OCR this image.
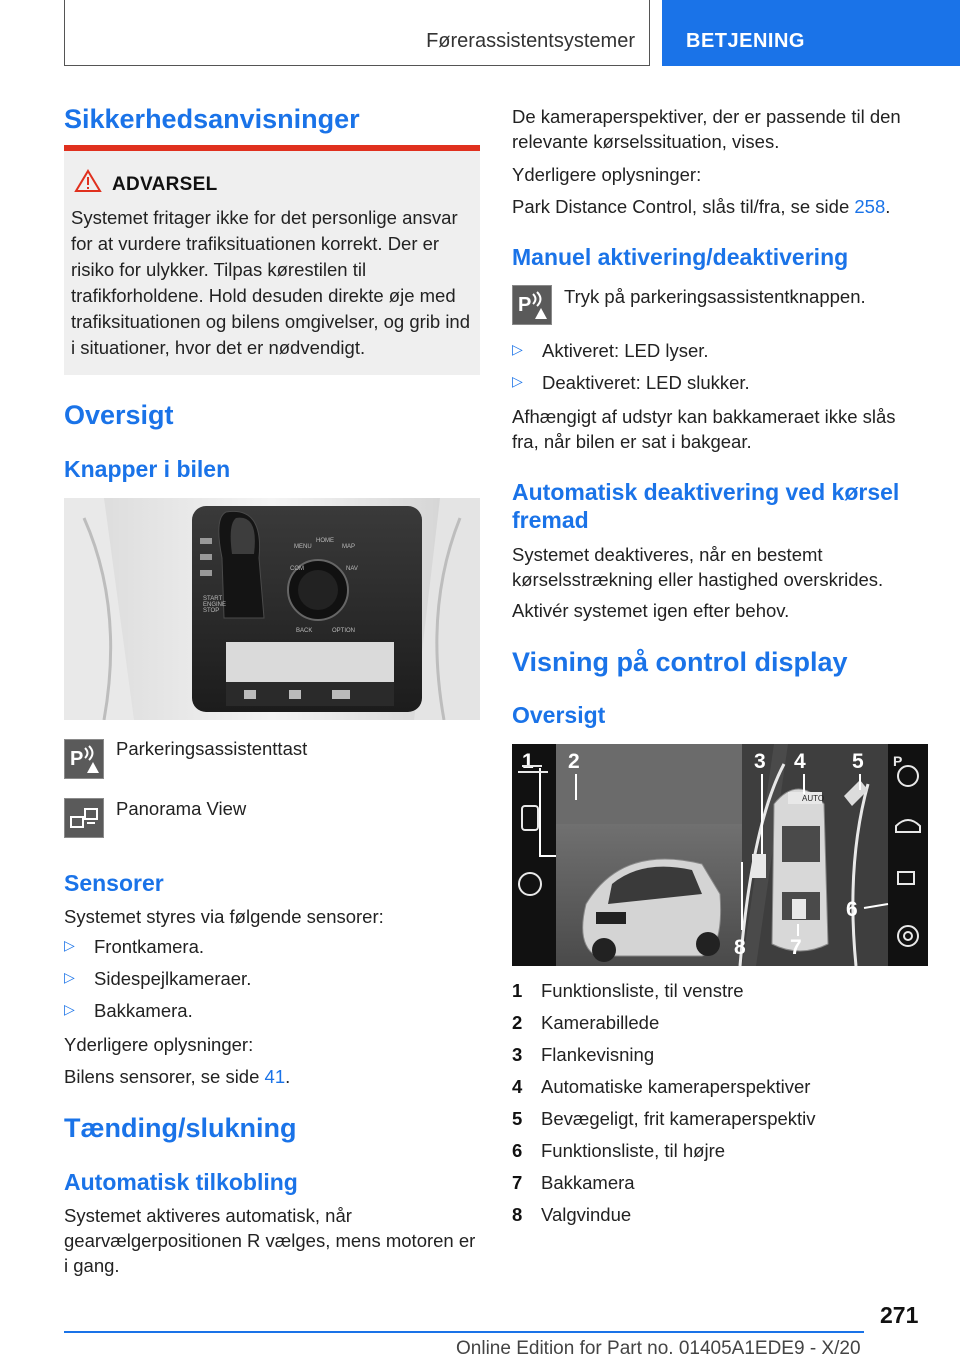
Førerassistentsystemer	BETJENING
Sikkerhedsanvisninger
ADVARSEL
Systemet fritager ikke for det personlige ansvar for at vurdere trafiksituationen korrekt. Der er risiko for ulykker. Tilpas kørestilen til trafikforholdene. Hold desuden direkte øje med trafiksituationen og bilens omgivelser, og grib ind i situationer, hvor det er nødvendigt.
Oversigt
Knapper i bilen
MENU
HOME
MAP
COM	NAV
BACK	OPTION
START
ENGINE
STOP
P Parkeringsassistenttast
Panorama View
Sensorer
Systemet styres via følgende sensorer:
▷ Frontkamera.
▷ Sidespejlkameraer.
▷ Bakkamera.
Yderligere oplysninger:
Bilens sensorer, se side 41.
Tænding/slukning
Automatisk tilkobling
Systemet aktiveres automatisk, når gearvælgerpositionen R vælges, mens motoren er i gang.
De kameraperspektiver, der er passende til den relevante kørselssituation, vises.
Yderligere oplysninger:
Park Distance Control, slås til/fra, se side 258.
Manuel aktivering/deaktivering
P Tryk på parkeringsassistentknappen.
▷ Aktiveret: LED lyser.
▷ Deaktiveret: LED slukker.
Afhængigt af udstyr kan bakkameraet ikke slås fra, når bilen er sat i bakgear.
Automatisk deaktivering ved kørsel fremad
Systemet deaktiveres, når en bestemt kørselsstrækning eller hastighed overskrides.
Aktivér systemet igen efter behov.
Visning på control display
Oversigt
AUTO
1 2	3 4 5
6
7
8
P
1 Funktionsliste, til venstre
2 Kamerabillede
3 Flankevisning
4 Automatiske kameraperspektiver
5 Bevægeligt, frit kameraperspektiv
6 Funktionsliste, til højre
7 Bakkamera
8 Valgvindue
271
Online Edition for Part no. 01405A1EDE9 - X/20
